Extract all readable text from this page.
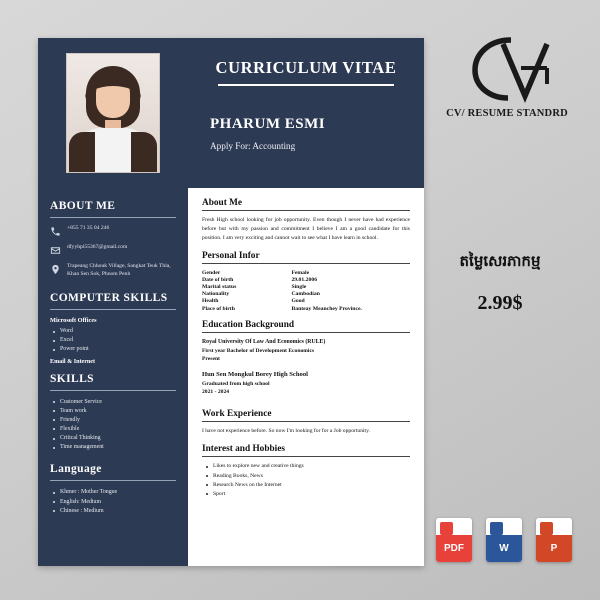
ABOUT ME
+855 71 35 04 246
dfyyhpi55367@gmail.com
Trapeang Chhouk Village, Sangkat Teuk Thla, Khan Sen Sok, Phnom Penh
COMPUTER SKILLS
Microsoft Offices
Word
Excel
Power point
Email & Internet
SKILLS
Customer Service
Team work
Friendly
Flexible
Critical Thinking
Time management
Language
Khmer : Mother Tongue
English: Medium
Chinese : Medium
CURRICULUM VITAE
PHARUM ESMI
Apply For: Accounting
About Me
Fresh High school looking for job opportunity. Even though I never have had experience before but with my passion and commitment I believe I am a good candidate for this position. I am very exciting and cannot wait to see what I have learn in school.
Personal Infor
Gender	Female
Date of birth	29.01.2006
Marital status	Single
Nationality	Cambodian
Health	Good
Place of birth	Banteay Meanchey Province.
Education Background
Royal University Of Law And Economics (RULE)
First year Bachelor of Development Economics
Present
Hun Sen Mongkul Borey High School
Graduated from high school
2021 - 2024
Work Experience
I have not experience before. So now I'm looking for for a Job opportunity.
Interest and Hobbies
Likes to explore new and creative things
Reading Books, News
Research News on the Internet
Sport
CV/ RESUME STANDRD
តម្លៃសេរភាកម្ម
2.99$
PDF	W	P
